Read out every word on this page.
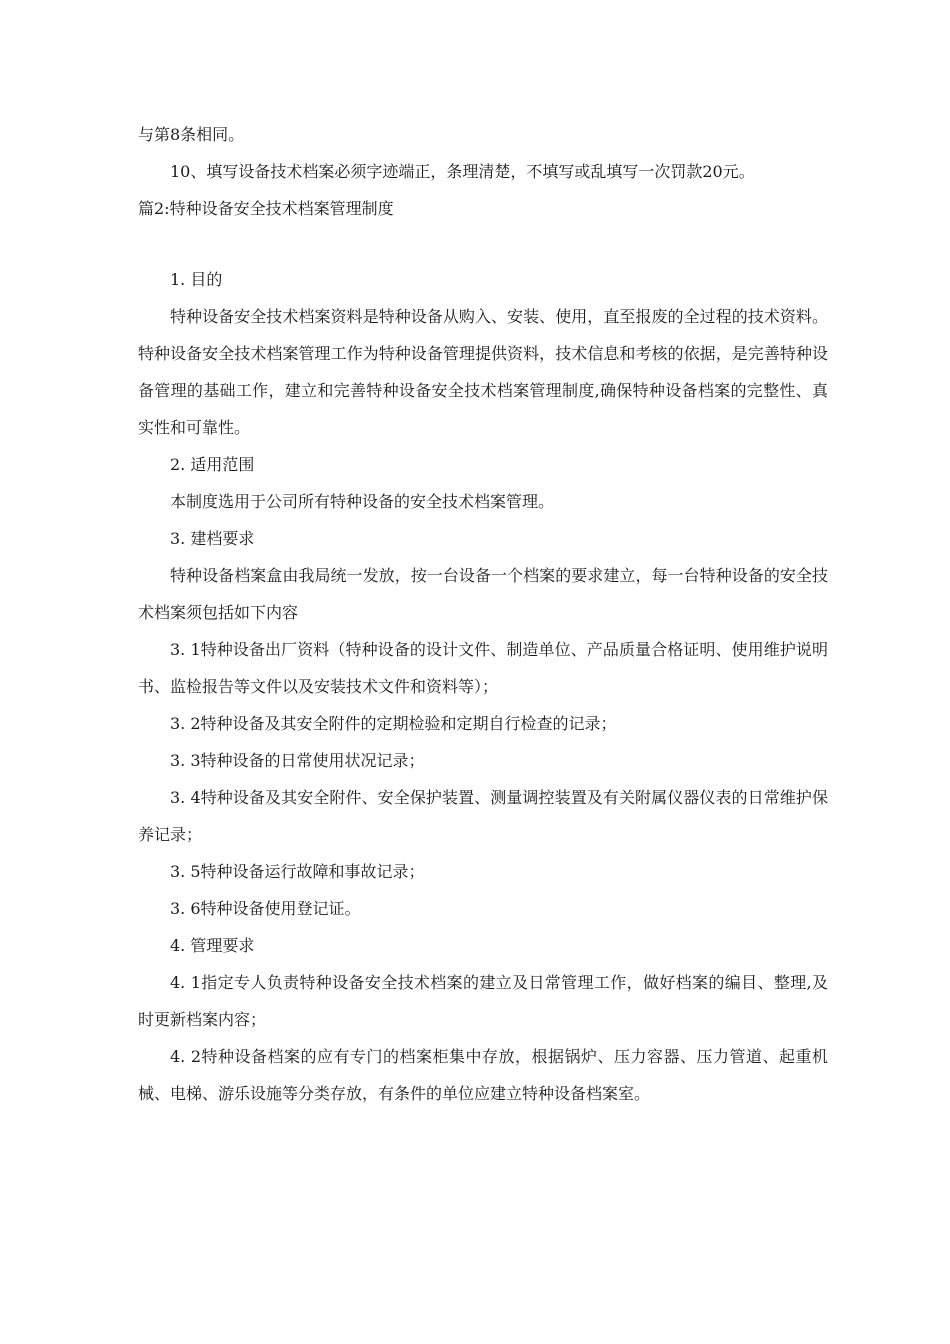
与第8条相同。

10、填写设备技术档案必须字迹端正，条理清楚，不填写或乱填写一次罚款20元。

篇2:特种设备安全技术档案管理制度

1. 目的

特种设备安全技术档案资料是特种设备从购入、安装、使用，直至报废的全过程的技术资料。特种设备安全技术档案管理工作为特种设备管理提供资料，技术信息和考核的依据，是完善特种设备管理的基础工作，建立和完善特种设备安全技术档案管理制度,确保特种设备档案的完整性、真实性和可靠性。

2. 适用范围

本制度选用于公司所有特种设备的安全技术档案管理。

3. 建档要求

特种设备档案盒由我局统一发放，按一台设备一个档案的要求建立，每一台特种设备的安全技术档案须包括如下内容

3. 1特种设备出厂资料（特种设备的设计文件、制造单位、产品质量合格证明、使用维护说明书、监检报告等文件以及安装技术文件和资料等）；

3. 2特种设备及其安全附件的定期检验和定期自行检查的记录；

3. 3特种设备的日常使用状况记录；

3. 4特种设备及其安全附件、安全保护装置、测量调控装置及有关附属仪器仪表的日常维护保养记录；

3. 5特种设备运行故障和事故记录；

3. 6特种设备使用登记证。

4. 管理要求

4. 1指定专人负责特种设备安全技术档案的建立及日常管理工作，做好档案的编目、整理,及时更新档案内容；

4. 2特种设备档案的应有专门的档案柜集中存放，根据锅炉、压力容器、压力管道、起重机械、电梯、游乐设施等分类存放，有条件的单位应建立特种设备档案室。
